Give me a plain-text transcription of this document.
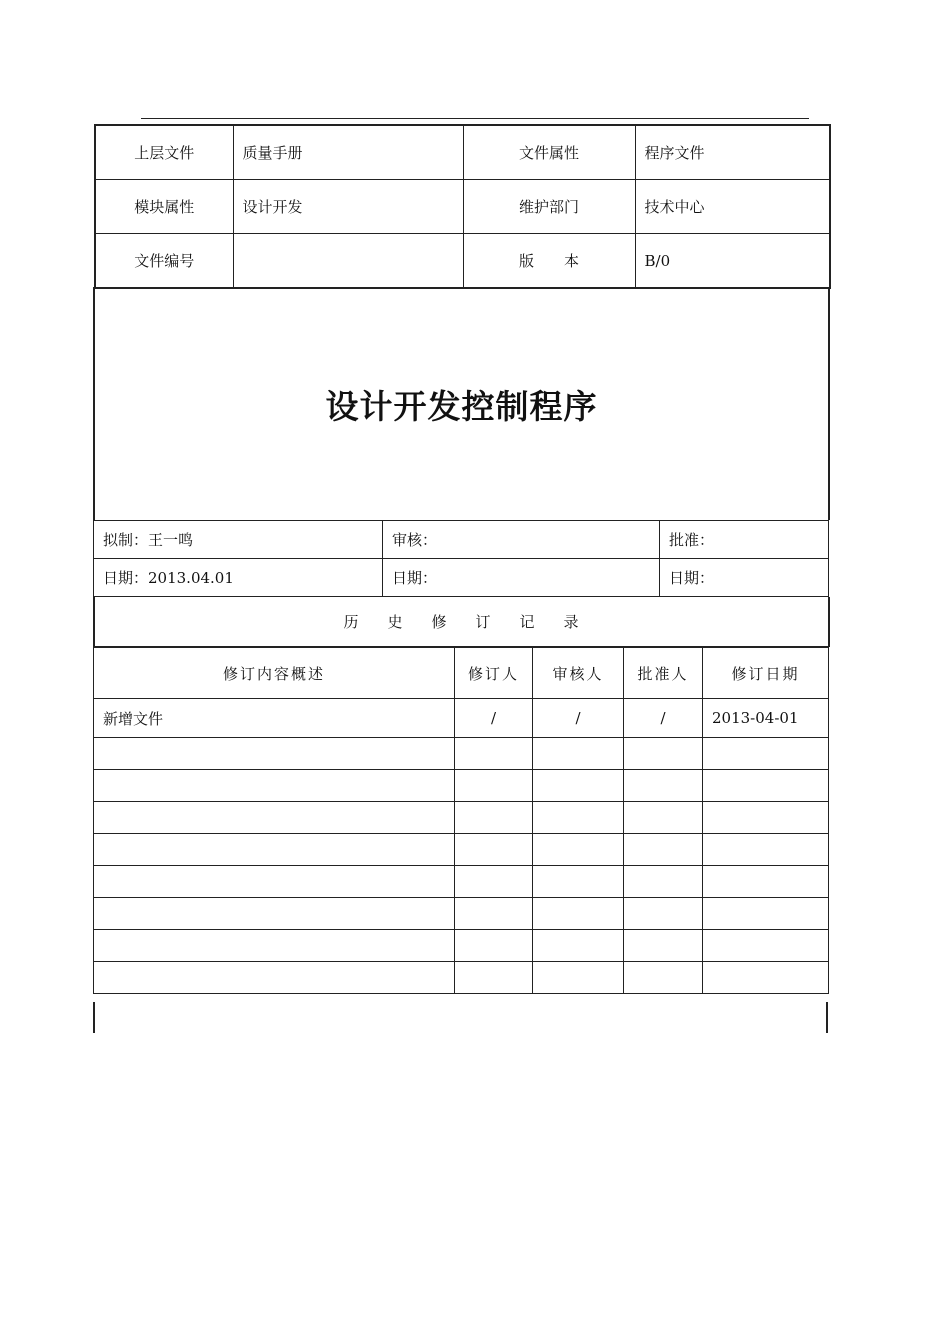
上层文件	质量手册	文件属性	程序文件
模块属性	设计开发	维护部门	技术中心
文件编号		版　　本	B/0
设计开发控制程序
拟制：王一鸣	审核：	批准：
日期：2013.04.01	日期：	日期：
历 史 修 订 记 录
修订内容概述	修订人	审核人	批准人	修订日期
新增文件	/	/	/	2013-04-01
